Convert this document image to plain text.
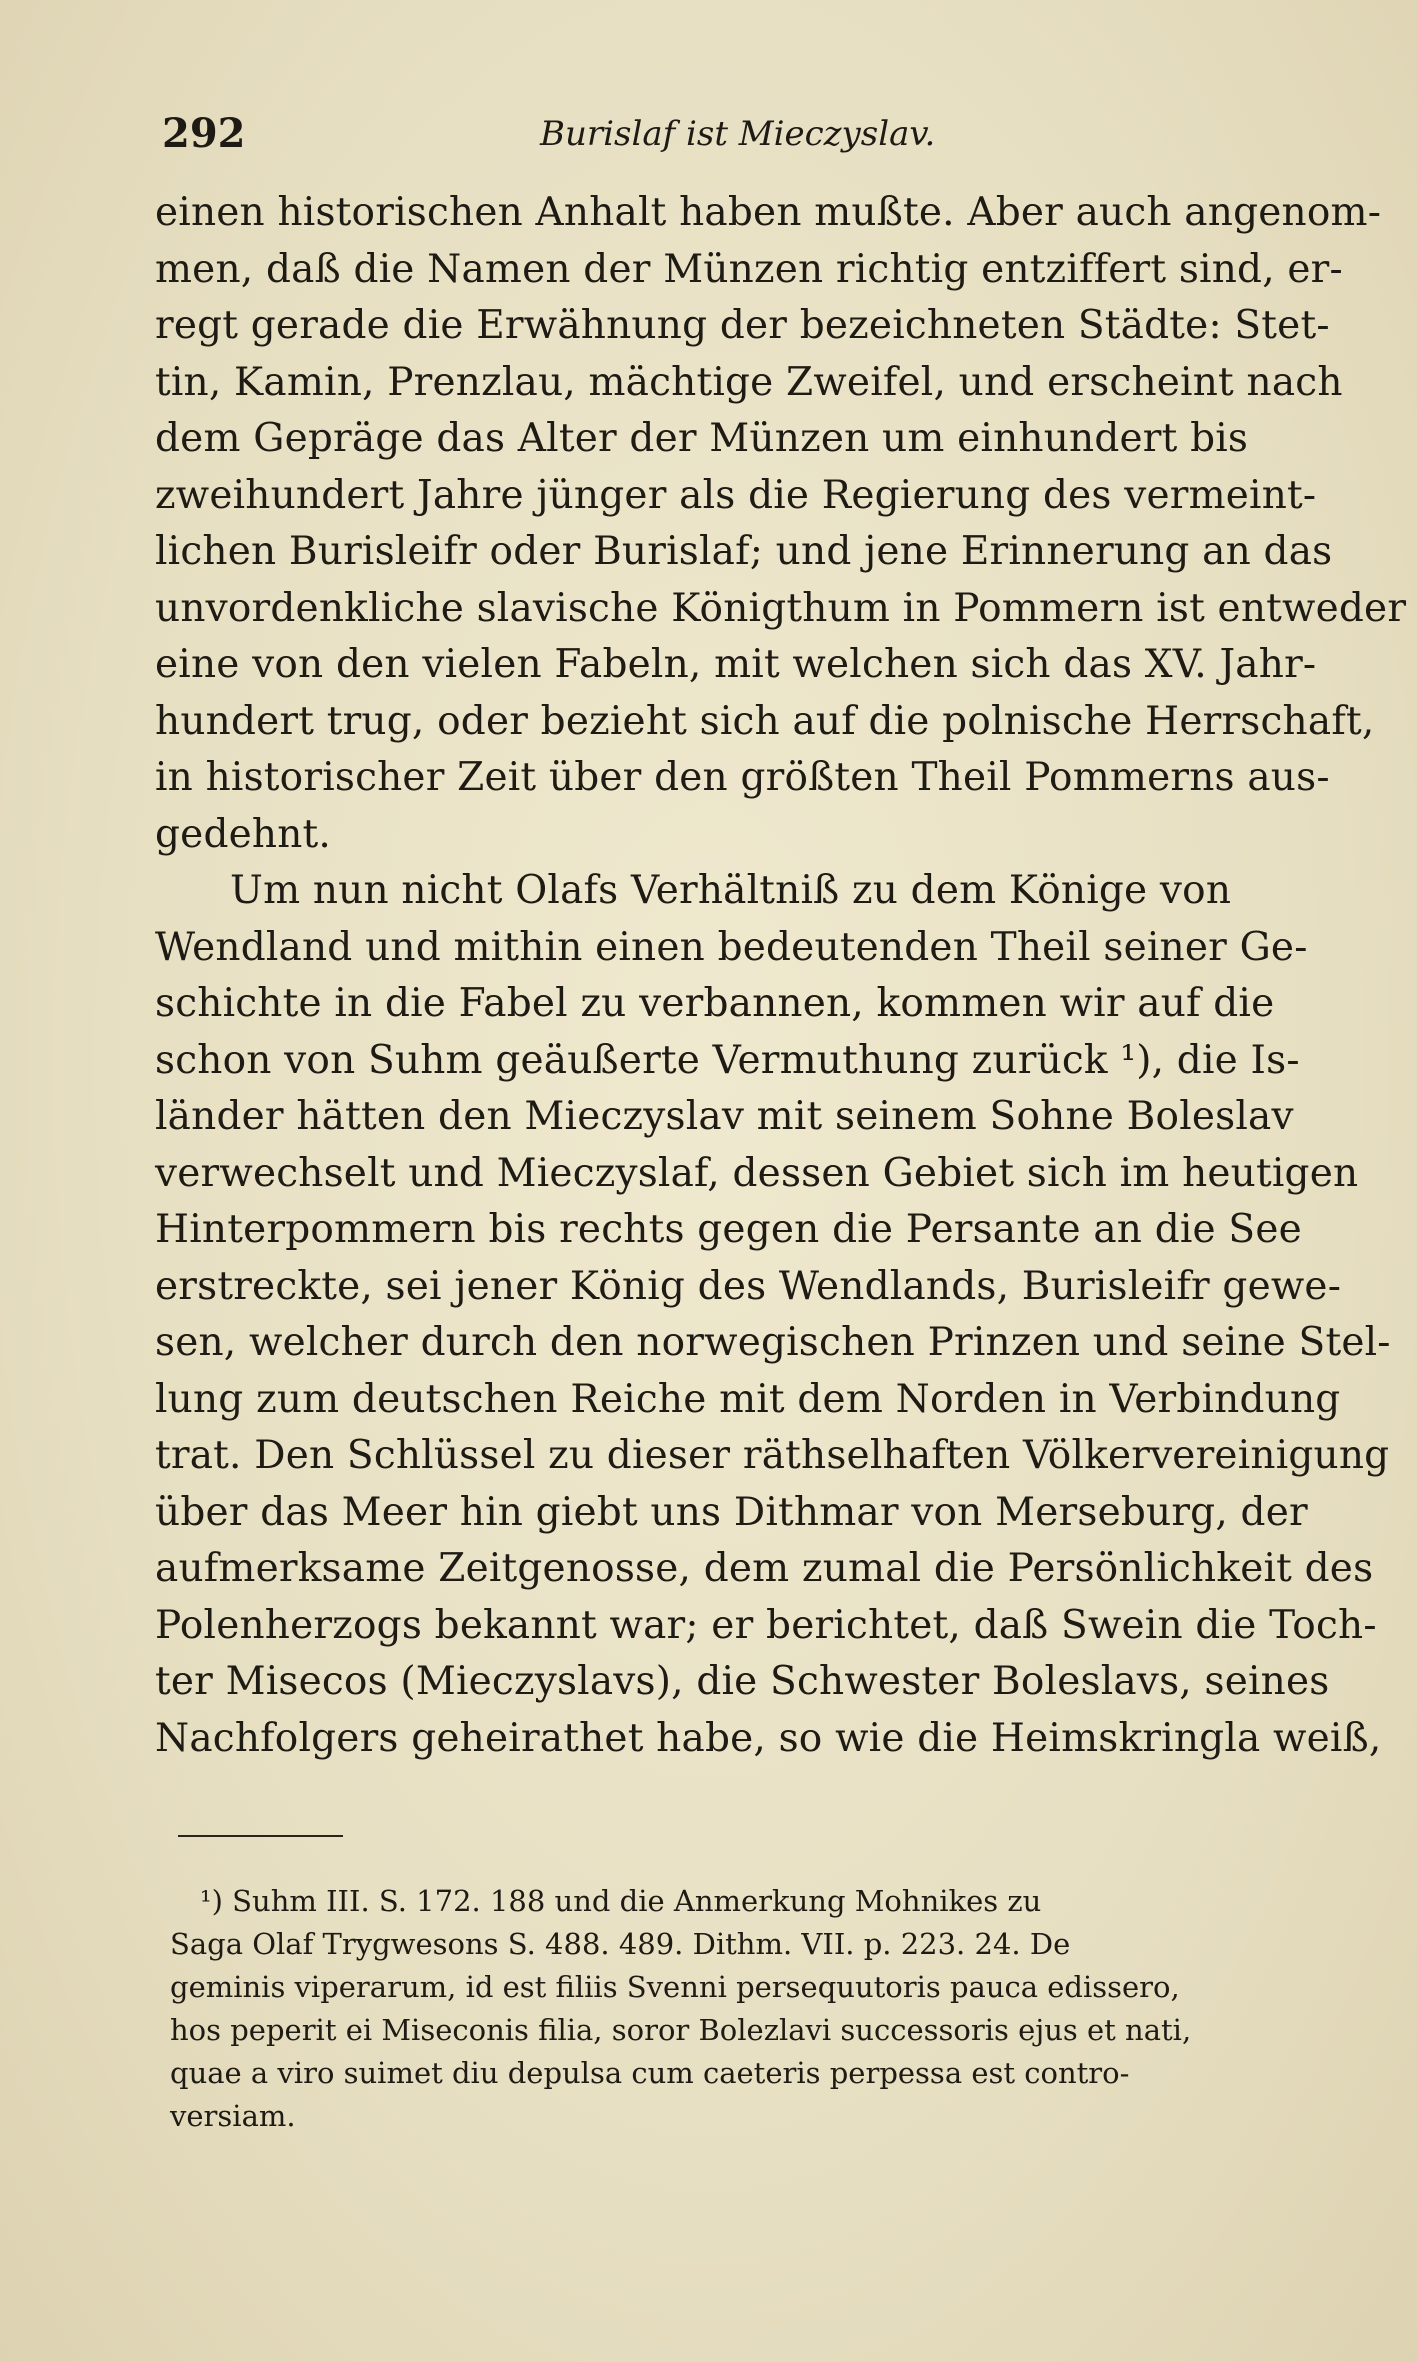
292	Burislaf ist Mieczyslav.
einen historischen Anhalt haben mußte. Aber auch angenom-
men, daß die Namen der Münzen richtig entziffert sind, er-
regt gerade die Erwähnung der bezeichneten Städte: Stet-
tin, Kamin, Prenzlau, mächtige Zweifel, und erscheint nach
dem Gepräge das Alter der Münzen um einhundert bis
zweihundert Jahre jünger als die Regierung des vermeint-
lichen Burisleifr oder Burislaf; und jene Erinnerung an das
unvordenkliche slavische Königthum in Pommern ist entweder
eine von den vielen Fabeln, mit welchen sich das XV. Jahr-
hundert trug, oder bezieht sich auf die polnische Herrschaft,
in historischer Zeit über den größten Theil Pommerns aus-
gedehnt.
Um nun nicht Olafs Verhältniß zu dem Könige von
Wendland und mithin einen bedeutenden Theil seiner Ge-
schichte in die Fabel zu verbannen, kommen wir auf die
schon von Suhm geäußerte Vermuthung zurück ¹), die Is-
länder hätten den Mieczyslav mit seinem Sohne Boleslav
verwechselt und Mieczyslaf, dessen Gebiet sich im heutigen
Hinterpommern bis rechts gegen die Persante an die See
erstreckte, sei jener König des Wendlands, Burisleifr gewe-
sen, welcher durch den norwegischen Prinzen und seine Stel-
lung zum deutschen Reiche mit dem Norden in Verbindung
trat. Den Schlüssel zu dieser räthselhaften Völkervereinigung
über das Meer hin giebt uns Dithmar von Merseburg, der
aufmerksame Zeitgenosse, dem zumal die Persönlichkeit des
Polenherzogs bekannt war; er berichtet, daß Swein die Toch-
ter Misecos (Mieczyslavs), die Schwester Boleslavs, seines
Nachfolgers geheirathet habe, so wie die Heimskringla weiß,
¹) Suhm III. S. 172. 188 und die Anmerkung Mohnikes zu
Saga Olaf Trygwesons S. 488. 489. Dithm. VII. p. 223. 24. De
geminis viperarum, id est filiis Svenni persequutoris pauca edissero,
hos peperit ei Miseconis filia, soror Bolezlavi successoris ejus et nati,
quae a viro suimet diu depulsa cum caeteris perpessa est contro-
versiam.
